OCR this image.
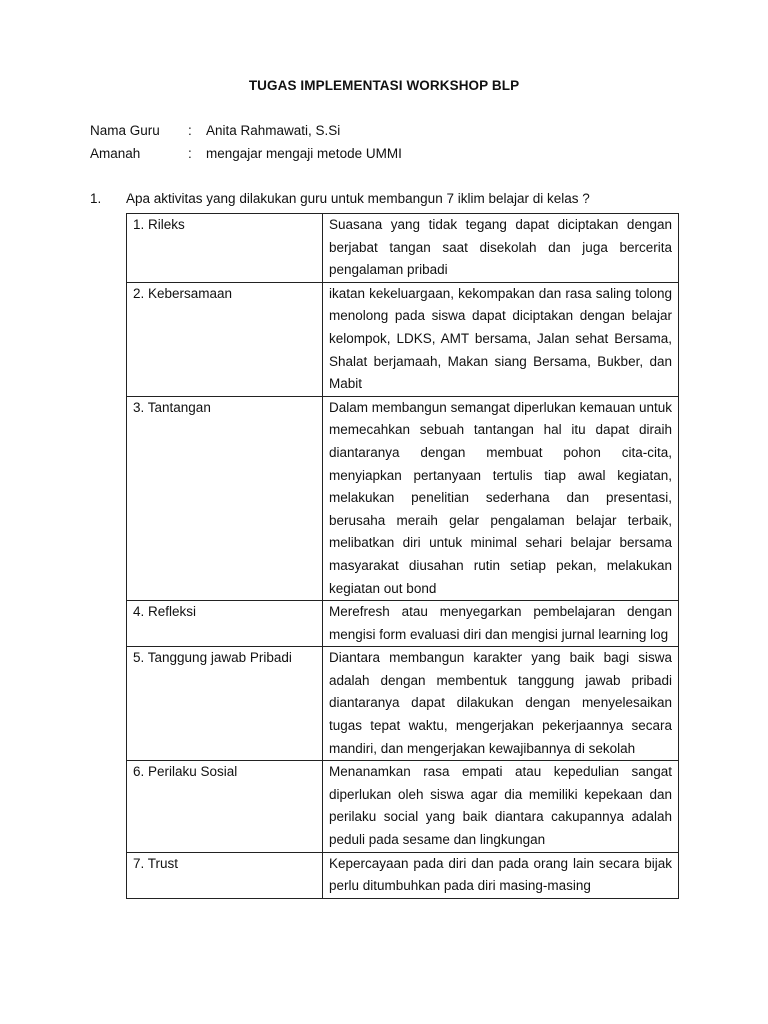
TUGAS IMPLEMENTASI WORKSHOP BLP
Nama Guru	: Anita Rahmawati, S.Si
Amanah	: mengajar mengaji metode UMMI
1. Apa aktivitas yang dilakukan guru untuk membangun 7 iklim belajar di kelas ?
1. Rileks	Suasana yang tidak tegang dapat diciptakan dengan berjabat tangan saat disekolah dan juga bercerita pengalaman pribadi
2. Kebersamaan	ikatan kekeluargaan, kekompakan dan rasa saling tolong menolong pada siswa dapat diciptakan dengan belajar kelompok, LDKS, AMT bersama, Jalan sehat Bersama, Shalat berjamaah, Makan siang Bersama, Bukber, dan Mabit
3. Tantangan	Dalam membangun semangat diperlukan kemauan untuk memecahkan sebuah tantangan hal itu dapat diraih diantaranya dengan membuat pohon cita-cita, menyiapkan pertanyaan tertulis tiap awal kegiatan, melakukan penelitian sederhana dan presentasi, berusaha meraih gelar pengalaman belajar terbaik, melibatkan diri untuk minimal sehari belajar bersama masyarakat diusahan rutin setiap pekan, melakukan kegiatan out bond
4. Refleksi	Merefresh atau menyegarkan pembelajaran dengan mengisi form evaluasi diri dan mengisi jurnal learning log
5. Tanggung jawab Pribadi	Diantara membangun karakter yang baik bagi siswa adalah dengan membentuk tanggung jawab pribadi diantaranya dapat dilakukan dengan menyelesaikan tugas tepat waktu, mengerjakan pekerjaannya secara mandiri, dan mengerjakan kewajibannya di sekolah
6. Perilaku Sosial	Menanamkan rasa empati atau kepedulian sangat diperlukan oleh siswa agar dia memiliki kepekaan dan perilaku social yang baik diantara cakupannya adalah peduli pada sesame dan lingkungan
7. Trust	Kepercayaan pada diri dan pada orang lain secara bijak perlu ditumbuhkan pada diri masing-masing
